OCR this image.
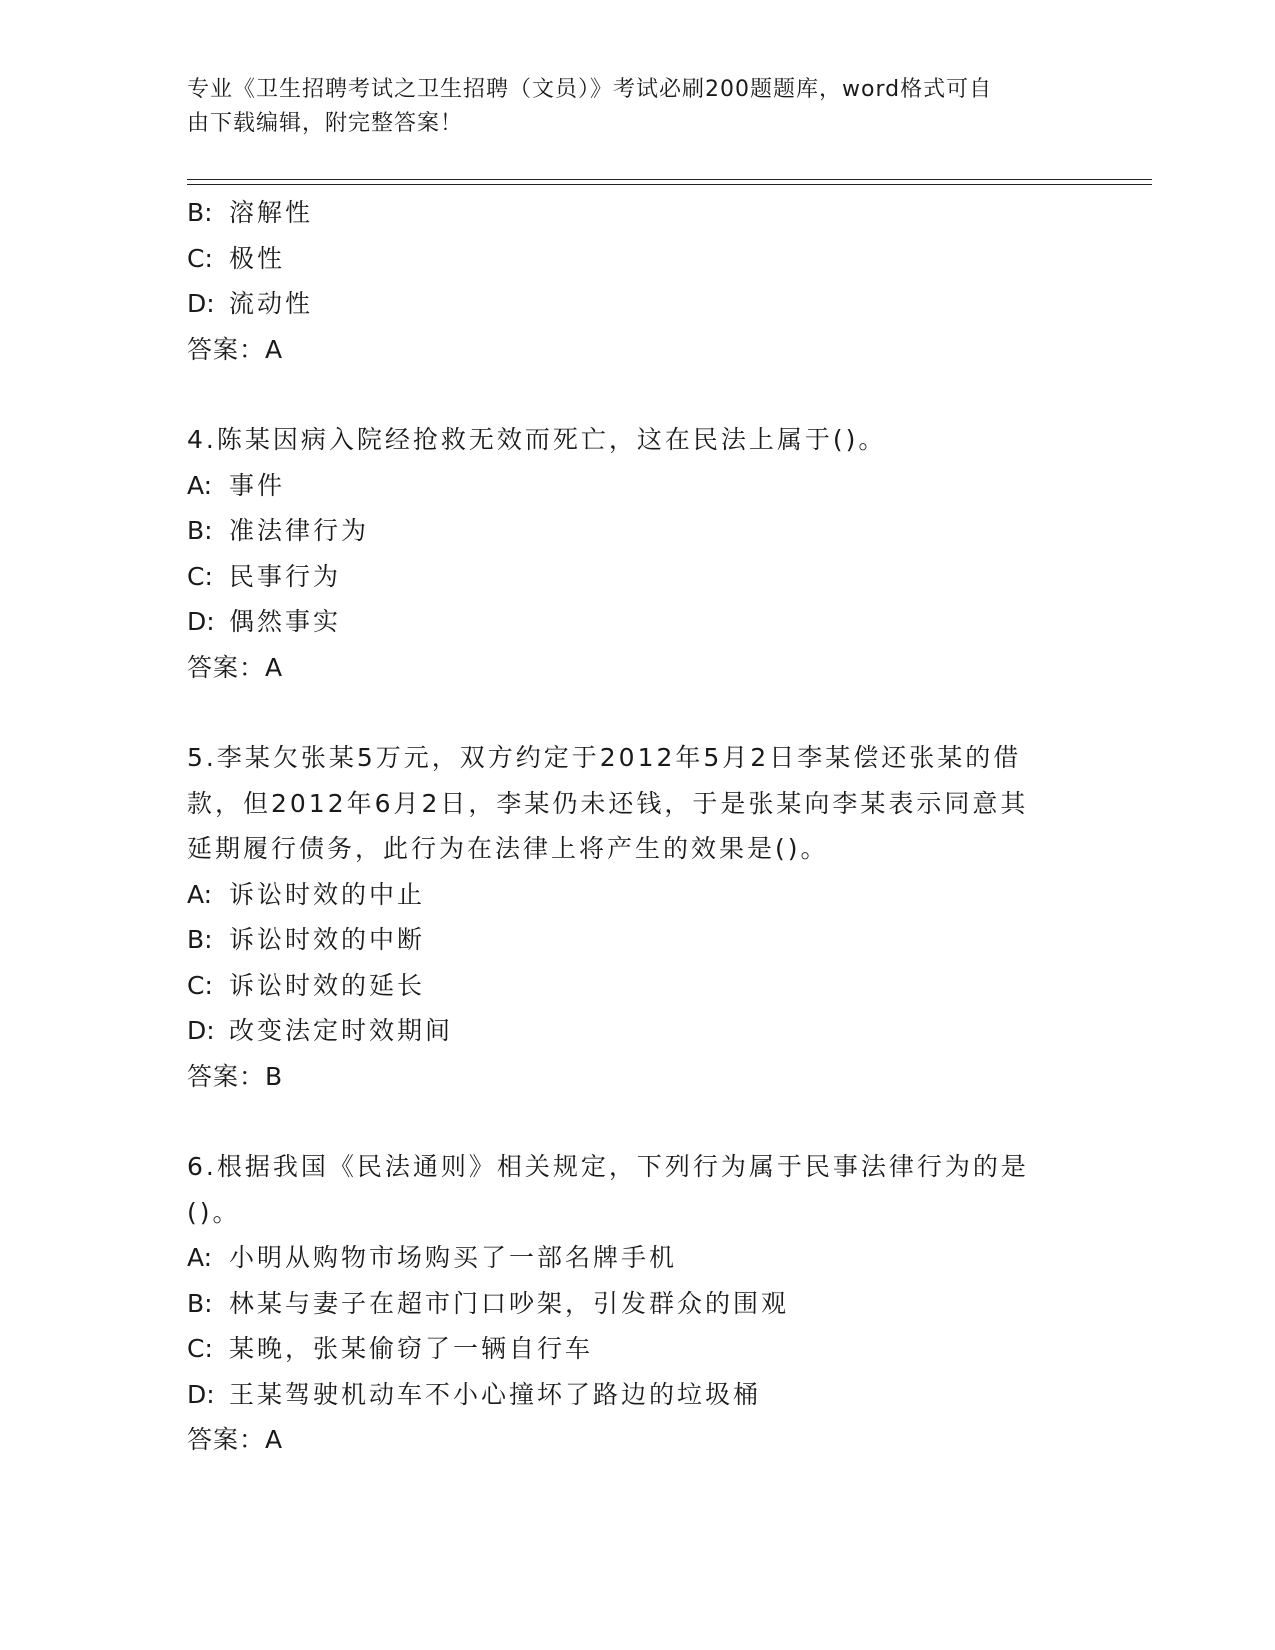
专业《卫生招聘考试之卫生招聘（文员）》考试必刷200题题库，word格式可自
由下载编辑，附完整答案！
B: 溶解性
C: 极性
D: 流动性
答案：A
4.陈某因病入院经抢救无效而死亡，这在民法上属于()。
A: 事件
B: 准法律行为
C: 民事行为
D: 偶然事实
答案：A
5.李某欠张某5万元，双方约定于2012年5月2日李某偿还张某的借
款，但2012年6月2日，李某仍未还钱，于是张某向李某表示同意其
延期履行债务，此行为在法律上将产生的效果是()。
A: 诉讼时效的中止
B: 诉讼时效的中断
C: 诉讼时效的延长
D: 改变法定时效期间
答案：B
6.根据我国《民法通则》相关规定，下列行为属于民事法律行为的是
()。
A: 小明从购物市场购买了一部名牌手机
B: 林某与妻子在超市门口吵架，引发群众的围观
C: 某晚，张某偷窃了一辆自行车
D: 王某驾驶机动车不小心撞坏了路边的垃圾桶
答案：A
